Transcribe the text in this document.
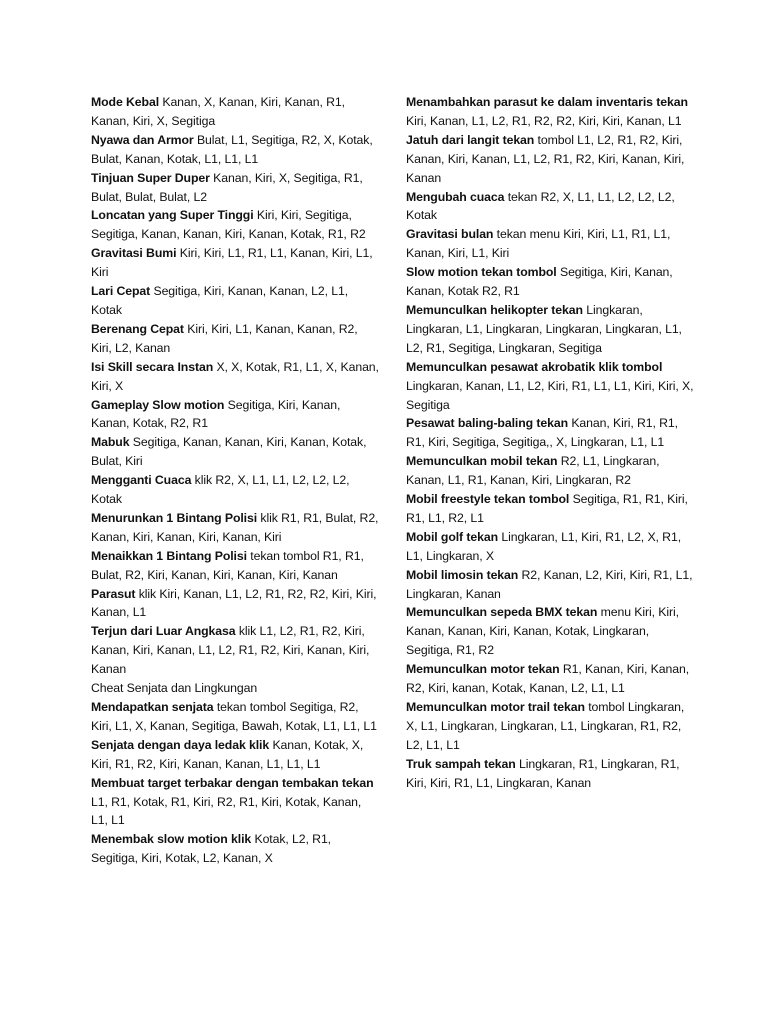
Mode Kebal Kanan, X, Kanan, Kiri, Kanan, R1, Kanan, Kiri, X, Segitiga

Nyawa dan Armor Bulat, L1, Segitiga, R2, X, Kotak, Bulat, Kanan, Kotak, L1, L1, L1

Tinjuan Super Duper Kanan, Kiri, X, Segitiga, R1, Bulat, Bulat, Bulat, L2

Loncatan yang Super Tinggi Kiri, Kiri, Segitiga, Segitiga, Kanan, Kanan, Kiri, Kanan, Kotak, R1, R2

Gravitasi Bumi Kiri, Kiri, L1, R1, L1, Kanan, Kiri, L1, Kiri

Lari Cepat Segitiga, Kiri, Kanan, Kanan, L2, L1, Kotak

Berenang Cepat Kiri, Kiri, L1, Kanan, Kanan, R2, Kiri, L2, Kanan

Isi Skill secara Instan X, X, Kotak, R1, L1, X, Kanan, Kiri, X

Gameplay Slow motion Segitiga, Kiri, Kanan, Kanan, Kotak, R2, R1

Mabuk Segitiga, Kanan, Kanan, Kiri, Kanan, Kotak, Bulat, Kiri

Mengganti Cuaca klik R2, X, L1, L1, L2, L2, L2, Kotak

Menurunkan 1 Bintang Polisi klik R1, R1, Bulat, R2, Kanan, Kiri, Kanan, Kiri, Kanan, Kiri

Menaikkan 1 Bintang Polisi tekan tombol R1, R1, Bulat, R2, Kiri, Kanan, Kiri, Kanan, Kiri, Kanan

Parasut klik Kiri, Kanan, L1, L2, R1, R2, R2, Kiri, Kiri, Kanan, L1

Terjun dari Luar Angkasa klik L1, L2, R1, R2, Kiri, Kanan, Kiri, Kanan, L1, L2, R1, R2, Kiri, Kanan, Kiri, Kanan

Cheat Senjata dan Lingkungan

Mendapatkan senjata tekan tombol Segitiga, R2, Kiri, L1, X, Kanan, Segitiga, Bawah, Kotak, L1, L1, L1

Senjata dengan daya ledak klik Kanan, Kotak, X, Kiri, R1, R2, Kiri, Kanan, Kanan, L1, L1, L1

Membuat target terbakar dengan tembakan tekan L1, R1, Kotak, R1, Kiri, R2, R1, Kiri, Kotak, Kanan, L1, L1

Menembak slow motion klik Kotak, L2, R1, Segitiga, Kiri, Kotak, L2, Kanan, X

Menambahkan parasut ke dalam inventaris tekan Kiri, Kanan, L1, L2, R1, R2, R2, Kiri, Kiri, Kanan, L1

Jatuh dari langit tekan tombol L1, L2, R1, R2, Kiri, Kanan, Kiri, Kanan, L1, L2, R1, R2, Kiri, Kanan, Kiri, Kanan

Mengubah cuaca tekan R2, X, L1, L1, L2, L2, L2, Kotak

Gravitasi bulan tekan menu Kiri, Kiri, L1, R1, L1, Kanan, Kiri, L1, Kiri

Slow motion tekan tombol Segitiga, Kiri, Kanan, Kanan, Kotak R2, R1

Memunculkan helikopter tekan Lingkaran, Lingkaran, L1, Lingkaran, Lingkaran, Lingkaran, L1, L2, R1, Segitiga, Lingkaran, Segitiga

Memunculkan pesawat akrobatik klik tombol Lingkaran, Kanan, L1, L2, Kiri, R1, L1, L1, Kiri, Kiri, X, Segitiga

Pesawat baling-baling tekan Kanan, Kiri, R1, R1, R1, Kiri, Segitiga, Segitiga,, X, Lingkaran, L1, L1

Memunculkan mobil tekan R2, L1, Lingkaran, Kanan, L1, R1, Kanan, Kiri, Lingkaran, R2

Mobil freestyle tekan tombol Segitiga, R1, R1, Kiri, R1, L1, R2, L1

Mobil golf tekan Lingkaran, L1, Kiri, R1, L2, X, R1, L1, Lingkaran, X

Mobil limosin tekan R2, Kanan, L2, Kiri, Kiri, R1, L1, Lingkaran, Kanan

Memunculkan sepeda BMX tekan menu Kiri, Kiri, Kanan, Kanan, Kiri, Kanan, Kotak, Lingkaran, Segitiga, R1, R2

Memunculkan motor tekan R1, Kanan, Kiri, Kanan, R2, Kiri, kanan, Kotak, Kanan, L2, L1, L1

Memunculkan motor trail tekan tombol Lingkaran, X, L1, Lingkaran, Lingkaran, L1, Lingkaran, R1, R2, L2, L1, L1

Truk sampah tekan Lingkaran, R1, Lingkaran, R1, Kiri, Kiri, R1, L1, Lingkaran, Kanan
